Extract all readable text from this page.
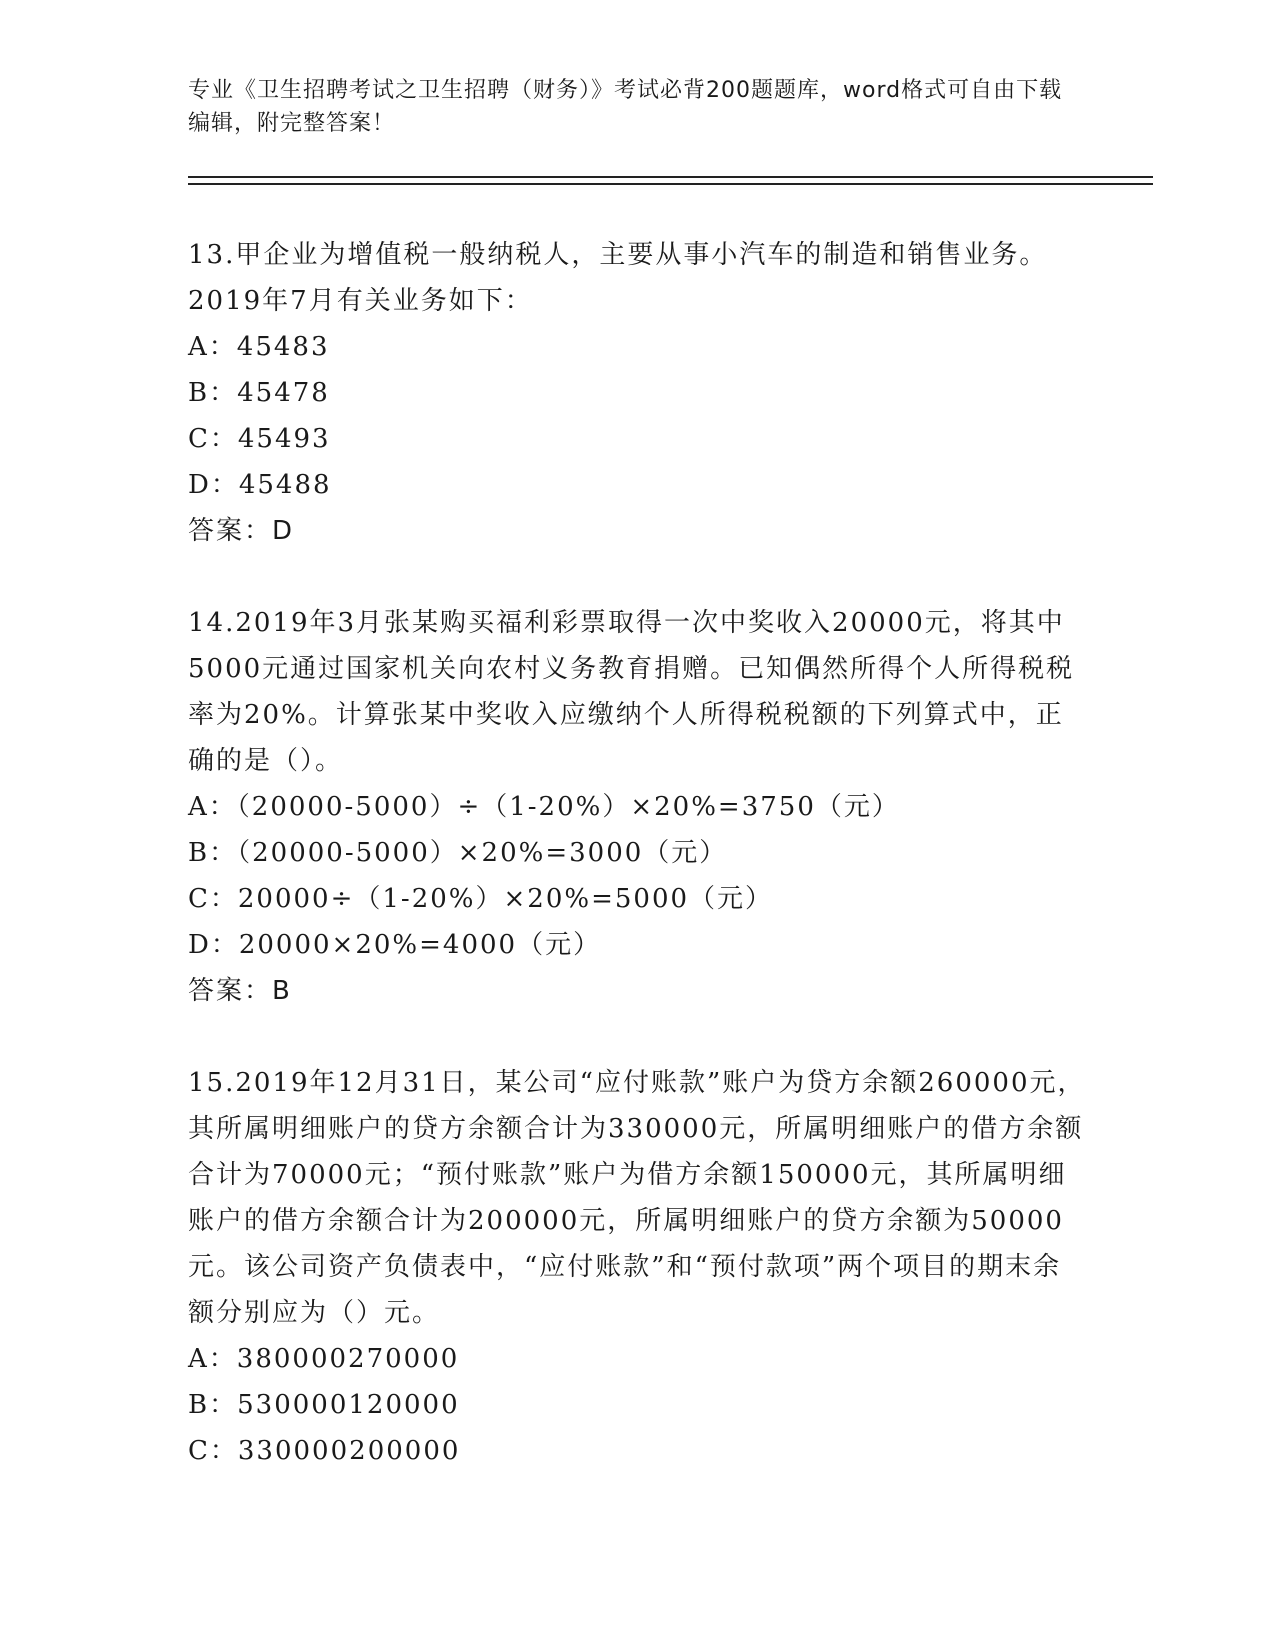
专业《卫生招聘考试之卫生招聘（财务）》考试必背200题题库，word格式可自由下载编辑，附完整答案！

13.甲企业为增值税一般纳税人，主要从事小汽车的制造和销售业务。2019年7月有关业务如下：

A：45483

B：45478

C：45493

D：45488

答案：D

14.2019年3月张某购买福利彩票取得一次中奖收入20000元，将其中5000元通过国家机关向农村义务教育捐赠。已知偶然所得个人所得税税率为20%。计算张某中奖收入应缴纳个人所得税税额的下列算式中，正确的是（）。

A：（20000-5000）÷（1-20%）×20%=3750（元）

B：（20000-5000）×20%=3000（元）

C：20000÷（1-20%）×20%=5000（元）

D：20000×20%=4000（元）

答案：B

15.2019年12月31日，某公司“应付账款”账户为贷方余额260000元，其所属明细账户的贷方余额合计为330000元，所属明细账户的借方余额合计为70000元；“预付账款”账户为借方余额150000元，其所属明细账户的借方余额合计为200000元，所属明细账户的贷方余额为50000元。该公司资产负债表中，“应付账款”和“预付款项”两个项目的期末余额分别应为（）元。

A：380000270000

B：530000120000

C：330000200000
